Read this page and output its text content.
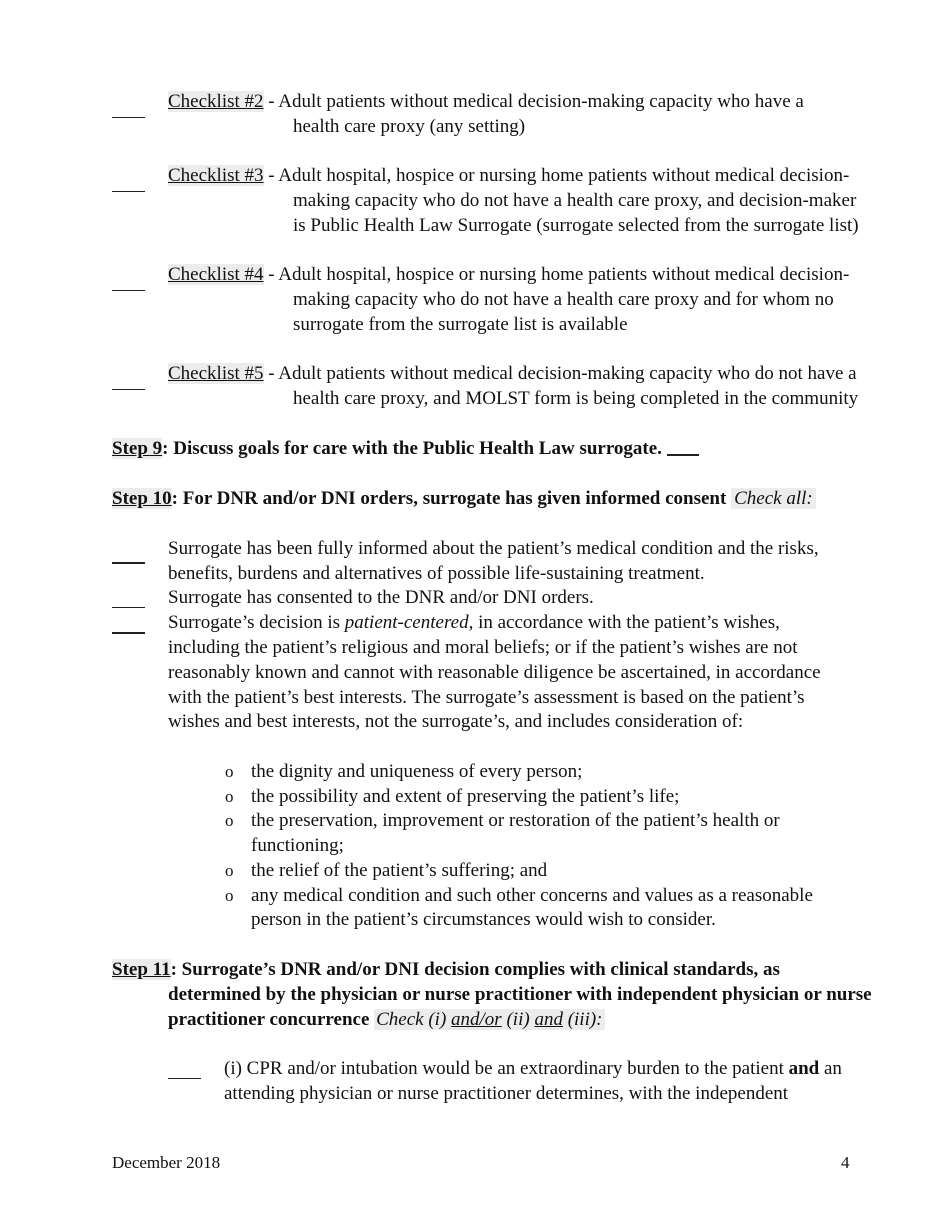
Checklist #2 - Adult patients without medical decision-making capacity who have a
health care proxy (any setting)
Checklist #3 - Adult hospital, hospice or nursing home patients without medical decision-
making capacity who do not have a health care proxy, and decision-maker
is Public Health Law Surrogate (surrogate selected from the surrogate list)
Checklist #4 - Adult hospital, hospice or nursing home patients without medical decision-
making capacity who do not have a health care proxy and for whom no
surrogate from the surrogate list is available
Checklist #5 - Adult patients without medical decision-making capacity who do not have a
health care proxy, and MOLST form is being completed in the community
Step 9: Discuss goals for care with the Public Health Law surrogate.
Step 10: For DNR and/or DNI orders, surrogate has given informed consent Check all:
Surrogate has been fully informed about the patient’s medical condition and the risks,
benefits, burdens and alternatives of possible life-sustaining treatment.
Surrogate has consented to the DNR and/or DNI orders.
Surrogate’s decision is patient-centered, in accordance with the patient’s wishes,
including the patient’s religious and moral beliefs; or if the patient’s wishes are not
reasonably known and cannot with reasonable diligence be ascertained, in accordance
with the patient’s best interests. The surrogate’s assessment is based on the patient’s
wishes and best interests, not the surrogate’s, and includes consideration of:
o the dignity and uniqueness of every person;
o the possibility and extent of preserving the patient’s life;
o the preservation, improvement or restoration of the patient’s health or
functioning;
o the relief of the patient’s suffering; and
o any medical condition and such other concerns and values as a reasonable
person in the patient’s circumstances would wish to consider.
Step 11: Surrogate’s DNR and/or DNI decision complies with clinical standards, as
determined by the physician or nurse practitioner with independent physician or nurse
practitioner concurrence Check (i) and/or (ii) and (iii):
(i) CPR and/or intubation would be an extraordinary burden to the patient and an
attending physician or nurse practitioner determines, with the independent
December 2018	4
